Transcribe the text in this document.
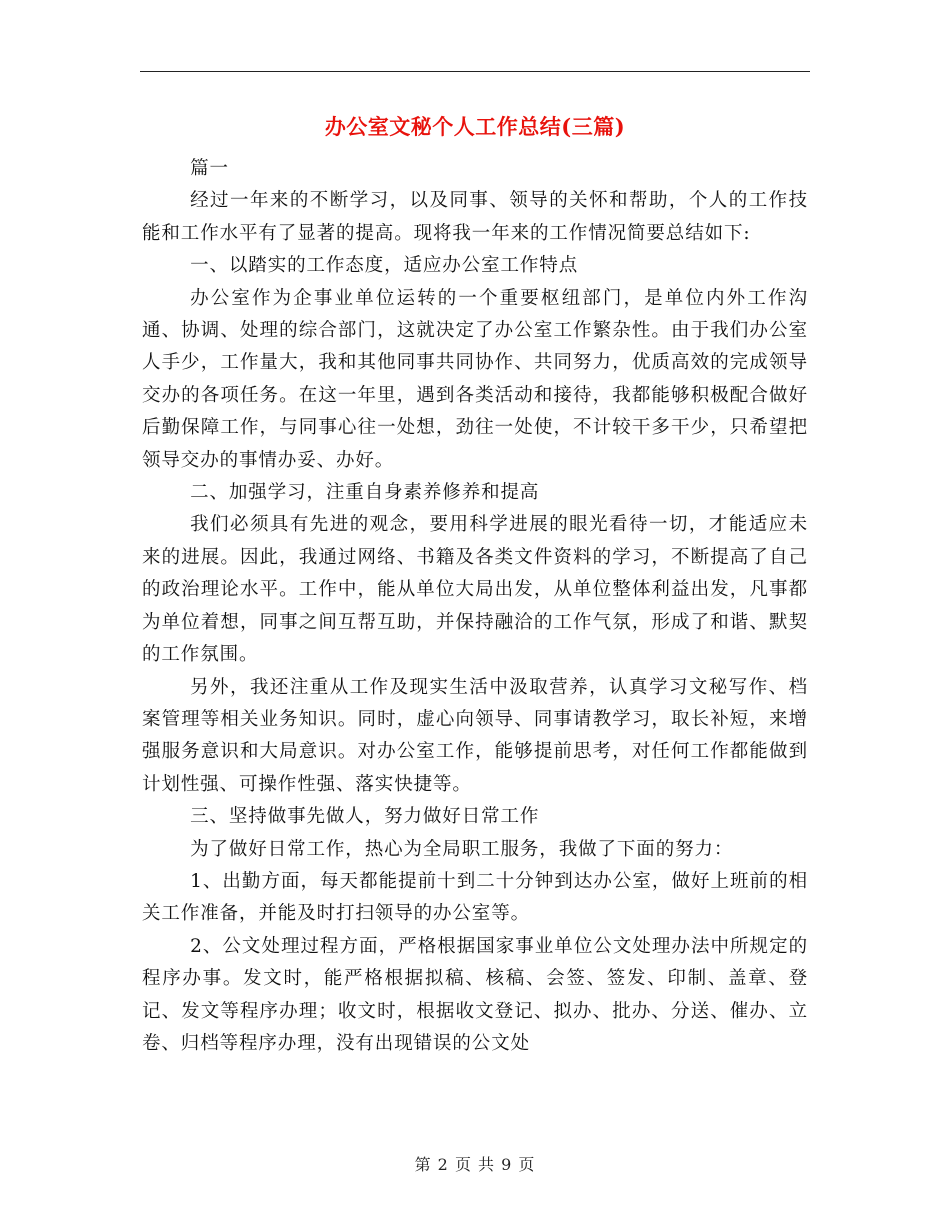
办公室文秘个人工作总结(三篇)

篇一

经过一年来的不断学习，以及同事、领导的关怀和帮助，个人的工作技能和工作水平有了显著的提高。现将我一年来的工作情况简要总结如下:

一、以踏实的工作态度，适应办公室工作特点

办公室作为企事业单位运转的一个重要枢纽部门，是单位内外工作沟通、协调、处理的综合部门，这就决定了办公室工作繁杂性。由于我们办公室人手少，工作量大，我和其他同事共同协作、共同努力，优质高效的完成领导交办的各项任务。在这一年里，遇到各类活动和接待，我都能够积极配合做好后勤保障工作，与同事心往一处想，劲往一处使，不计较干多干少，只希望把领导交办的事情办妥、办好。

二、加强学习，注重自身素养修养和提高

我们必须具有先进的观念，要用科学进展的眼光看待一切，才能适应未来的进展。因此，我通过网络、书籍及各类文件资料的学习，不断提高了自己的政治理论水平。工作中，能从单位大局出发，从单位整体利益出发，凡事都为单位着想，同事之间互帮互助，并保持融洽的工作气氛，形成了和谐、默契的工作氛围。

另外，我还注重从工作及现实生活中汲取营养，认真学习文秘写作、档案管理等相关业务知识。同时，虚心向领导、同事请教学习，取长补短，来增强服务意识和大局意识。对办公室工作，能够提前思考，对任何工作都能做到计划性强、可操作性强、落实快捷等。

三、坚持做事先做人，努力做好日常工作

为了做好日常工作，热心为全局职工服务，我做了下面的努力：

1、出勤方面，每天都能提前十到二十分钟到达办公室，做好上班前的相关工作准备，并能及时打扫领导的办公室等。

2、公文处理过程方面，严格根据国家事业单位公文处理办法中所规定的程序办事。发文时，能严格根据拟稿、核稿、会签、签发、印制、盖章、登记、发文等程序办理；收文时，根据收文登记、拟办、批办、分送、催办、立卷、归档等程序办理，没有出现错误的公文处

第 2 页 共 9 页
